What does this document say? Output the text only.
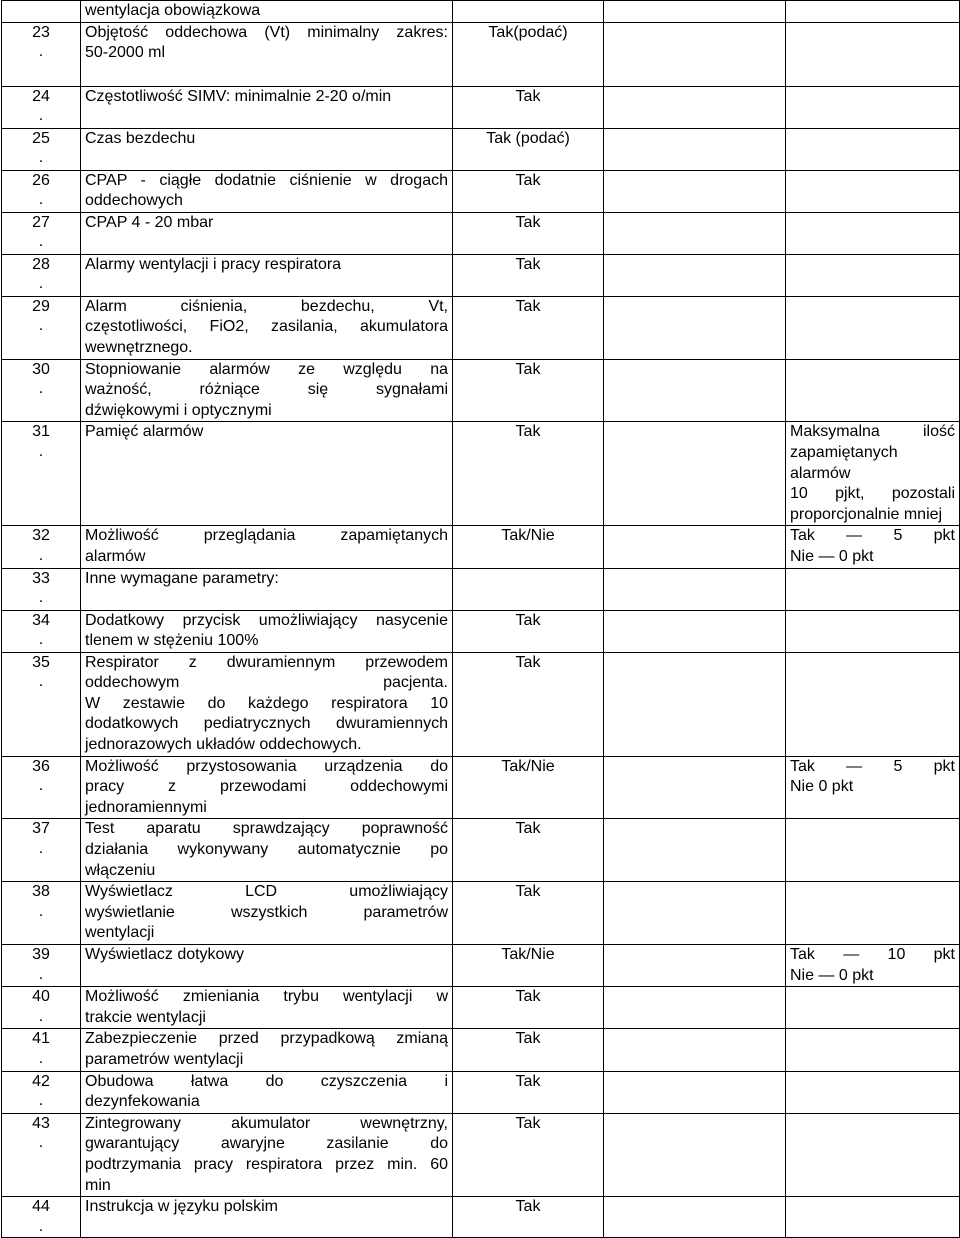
	wentylacja obowiązkowa			

23
.	Objętość oddechowa (Vt) minimalny zakres:
50-2000 ml	Tak(podać)		

24
.	Częstotliwość SIMV: minimalnie 2-20 o/min	Tak		

25
.	Czas bezdechu	Tak (podać)		

26
.	CPAP - ciągłe dodatnie ciśnienie w drogach
oddechowych	Tak		

27
.	CPAP 4 - 20 mbar	Tak		

28
.	Alarmy wentylacji i pracy respiratora	Tak		

29
.	Alarm ciśnienia, bezdechu, Vt,
częstotliwości, FiO2, zasilania, akumulatora
wewnętrznego.	Tak		

30
.	Stopniowanie alarmów ze względu na
ważność, różniące się sygnałami
dźwiękowymi i optycznymi	Tak		

31
.	Pamięć alarmów	Tak		Maksymalna ilość
zapamiętanych alarmów
10 pjkt, pozostali
proporcjonalnie mniej

32
.	Możliwość przeglądania zapamiętanych
alarmów	Tak/Nie		Tak — 5 pkt
Nie — 0 pkt

33
.	Inne wymagane parametry:			

34
.	Dodatkowy przycisk umożliwiający nasycenie
tlenem w stężeniu 100%	Tak		

35
.	Respirator z dwuramiennym przewodem
oddechowym pacjenta.
W zestawie do każdego respiratora 10
dodatkowych pediatrycznych dwuramiennych
jednorazowych układów oddechowych.	Tak		

36
.	Możliwość przystosowania urządzenia do
pracy z przewodami oddechowymi
jednoramiennymi	Tak/Nie		Tak — 5 pkt
Nie 0 pkt

37
.	Test aparatu sprawdzający poprawność
działania wykonywany automatycznie po
włączeniu	Tak		

38
.	Wyświetlacz LCD umożliwiający
wyświetlanie wszystkich parametrów
wentylacji	Tak		

39
.	Wyświetlacz dotykowy	Tak/Nie		Tak — 10 pkt
Nie — 0 pkt

40
.	Możliwość zmieniania trybu wentylacji w
trakcie wentylacji	Tak		

41
.	Zabezpieczenie przed przypadkową zmianą
parametrów wentylacji	Tak		

42
.	Obudowa łatwa do czyszczenia i
dezynfekowania	Tak		

43
.	Zintegrowany akumulator wewnętrzny,
gwarantujący awaryjne zasilanie do
podtrzymania pracy respiratora przez min. 60
min	Tak		

44
.	Instrukcja w języku polskim	Tak		
